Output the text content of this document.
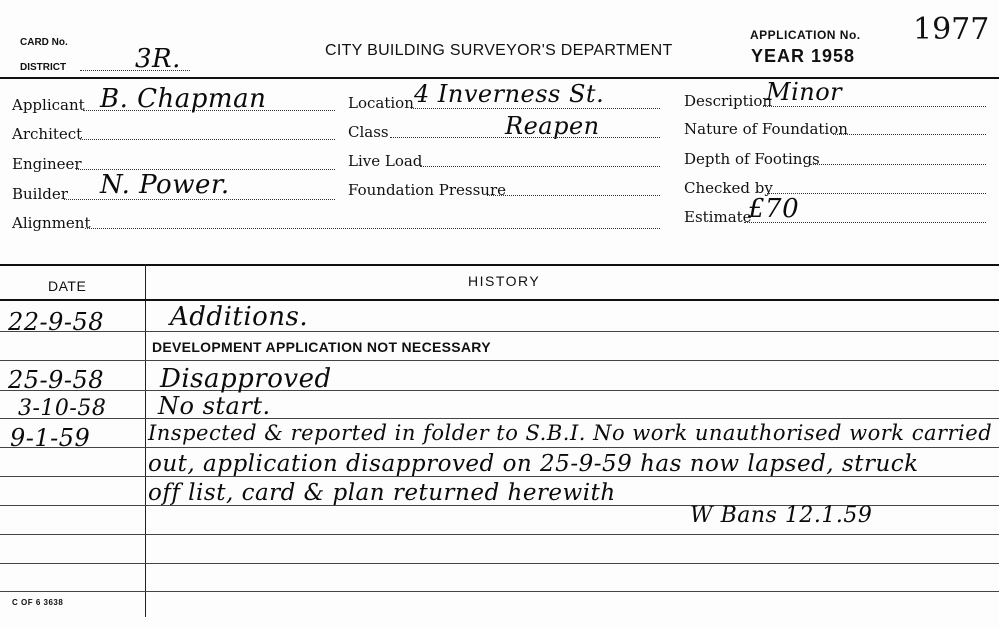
CARD No.
DISTRICT	3R.	CITY BUILDING SURVEYOR'S DEPARTMENT
APPLICATION No. 1977
YEAR 1958
Applicant B. Chapman
Architect
Engineer
Builder N. Power.
Alignment
Location 4 Inverness St.
Class	Reapen
Live Load
Foundation Pressure
Description
Minor
Nature of Foundation
Depth of Footings
Checked by
Estimate
£70
DATE	HISTORY
22-9-58	Additions.
DEVELOPMENT APPLICATION NOT NECESSARY
25-9-58 Disapproved
3-10-58 No start.
9-1-59	Inspected & reported in folder to S.B.I. No work unauthorised work carried
out, application disapproved on 25-9-59 has now lapsed, struck
off list, card & plan returned herewith
W Bans 12.1.59
C OF 6 3638
